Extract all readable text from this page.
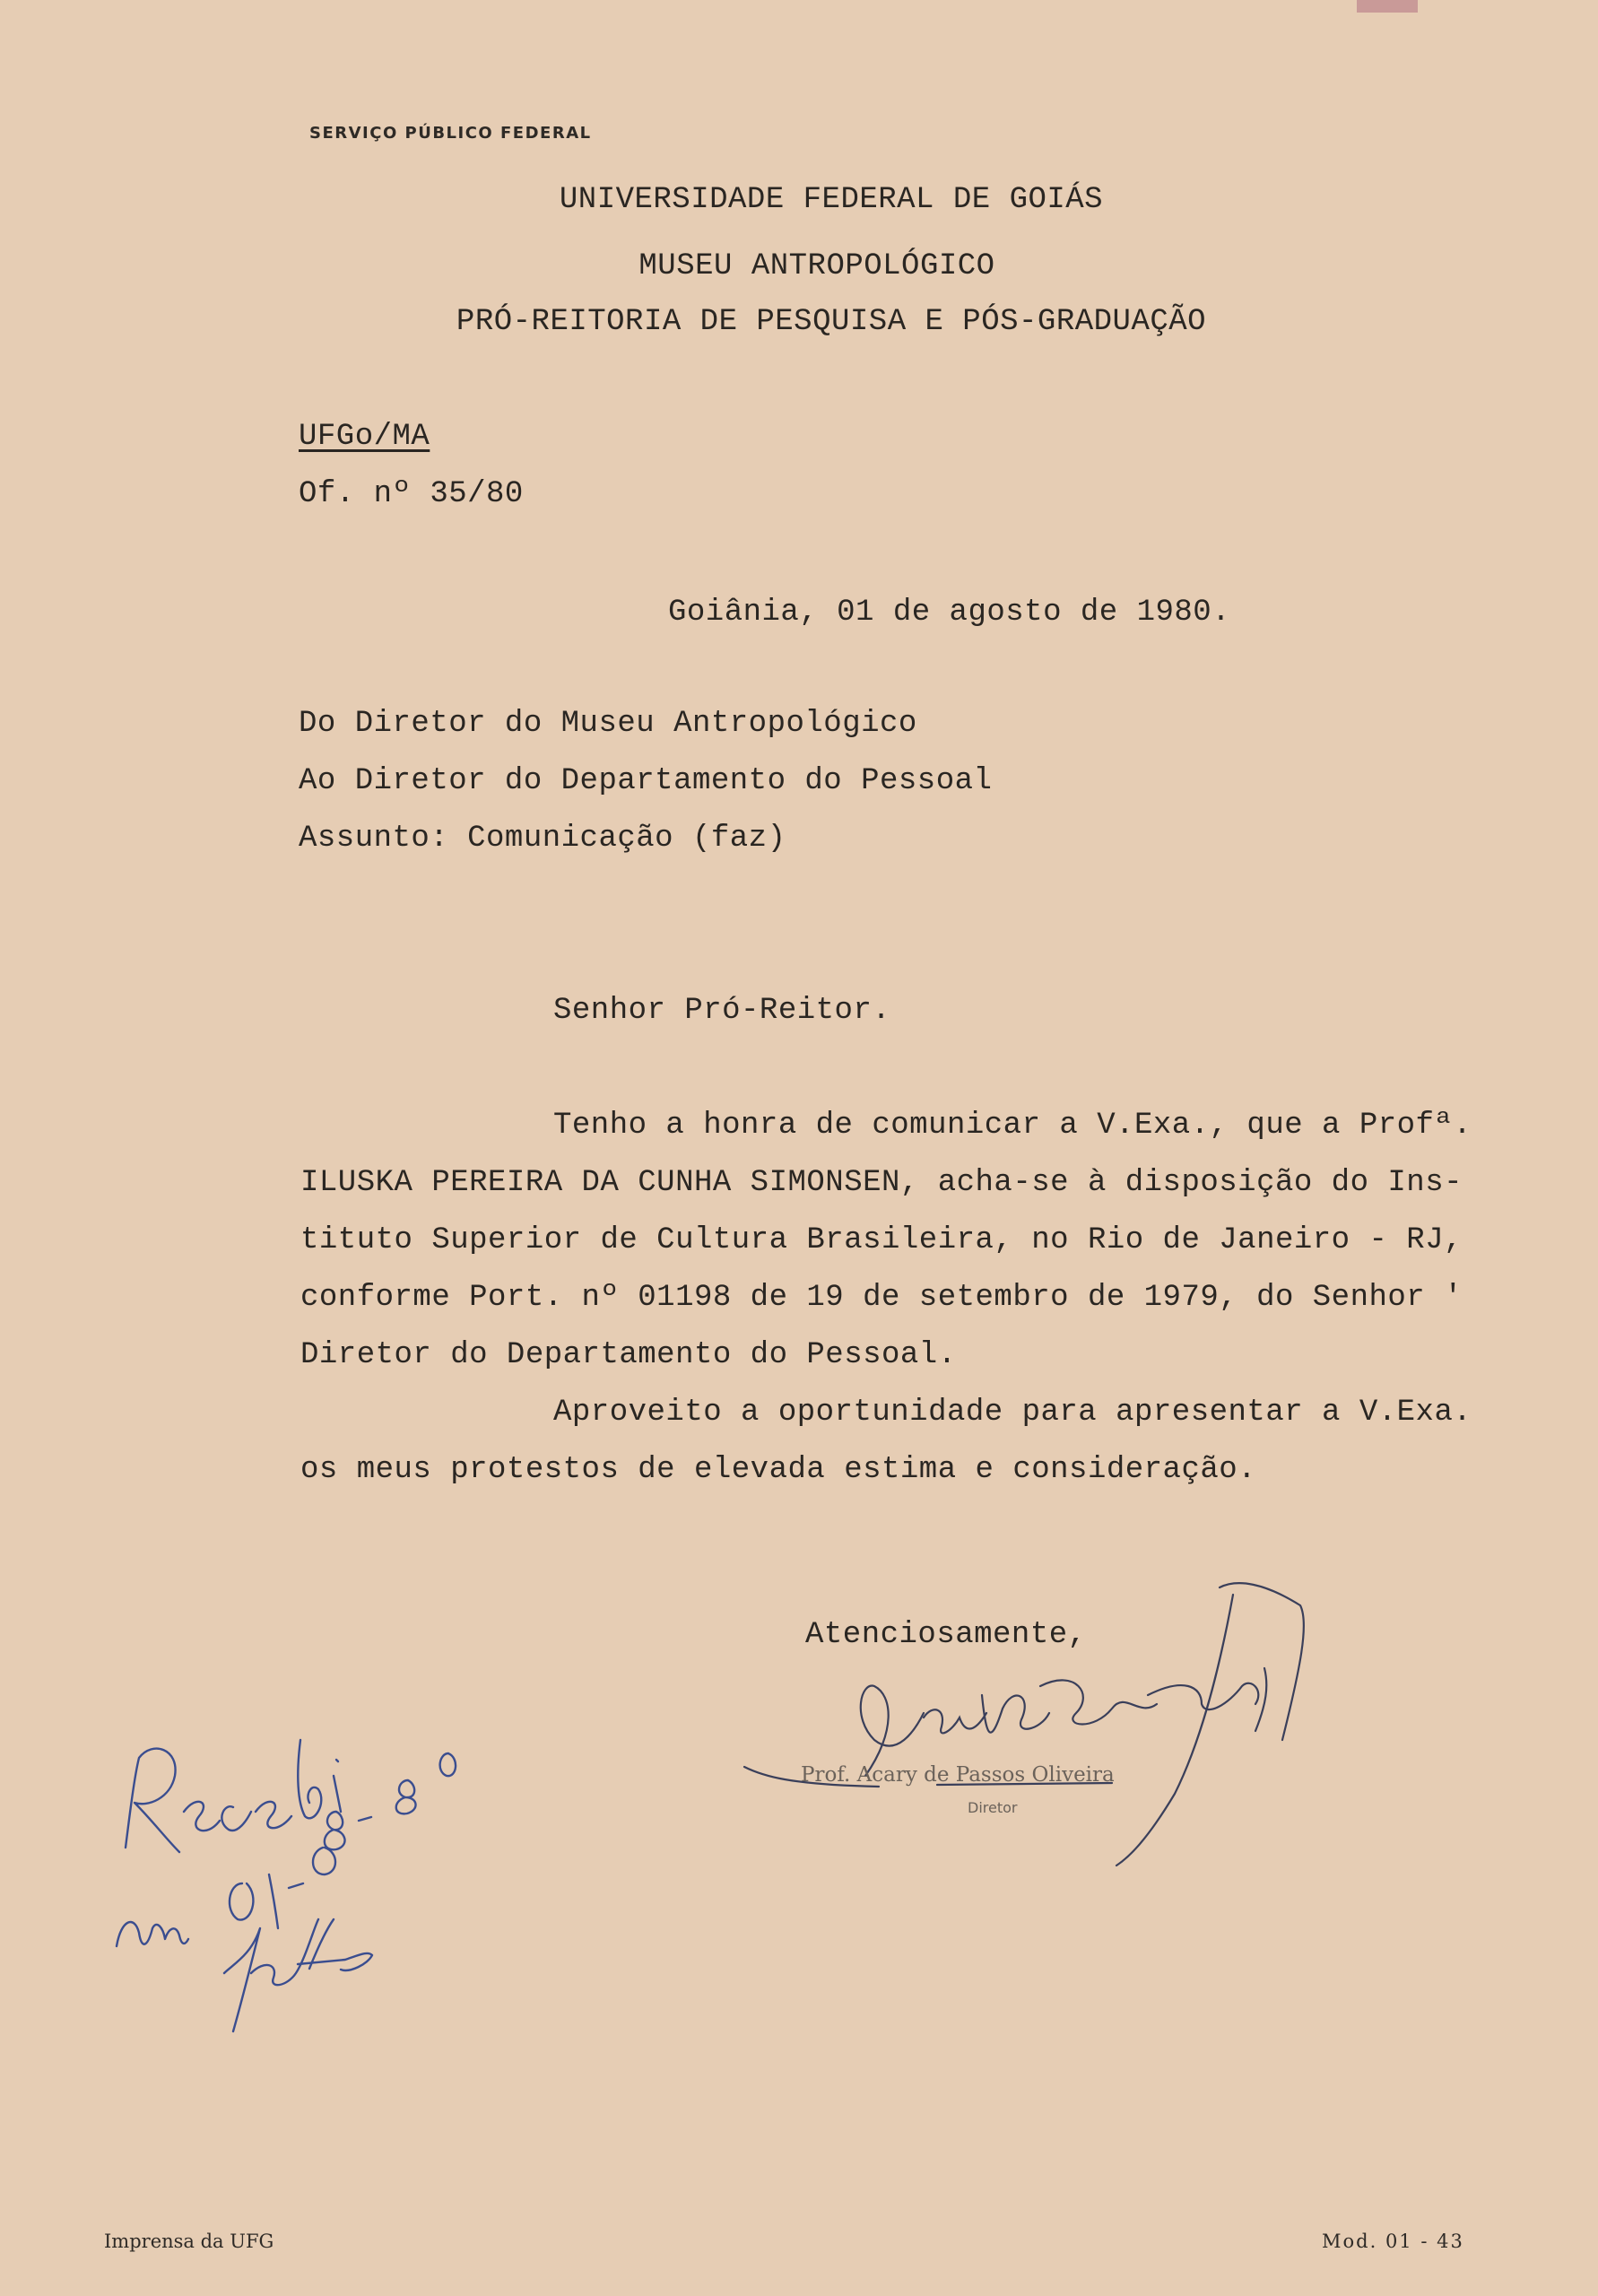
SERVIÇO PÚBLICO FEDERAL
UNIVERSIDADE FEDERAL DE GOIÁS
MUSEU ANTROPOLÓGICO
PRÓ-REITORIA DE PESQUISA E PÓS-GRADUAÇÃO
UFGo/MA
Of. nº 35/80
Goiânia, 01 de agosto de 1980.
Do Diretor do Museu Antropológico
Ao Diretor do Departamento do Pessoal
Assunto: Comunicação (faz)
Senhor Pró-Reitor.
Tenho a honra de comunicar a V.Exa., que a Profª.
ILUSKA PEREIRA DA CUNHA SIMONSEN, acha-se à disposição do Ins-
tituto Superior de Cultura Brasileira, no Rio de Janeiro - RJ,
conforme Port. nº 01198 de 19 de setembro de 1979, do Senhor '
Diretor do Departamento do Pessoal.
Aproveito a oportunidade para apresentar a V.Exa.
os meus protestos de elevada estima e consideração.
Atenciosamente,
Prof. Acary de Passos Oliveira
Diretor
Imprensa da UFG	Mod. 01 - 43
